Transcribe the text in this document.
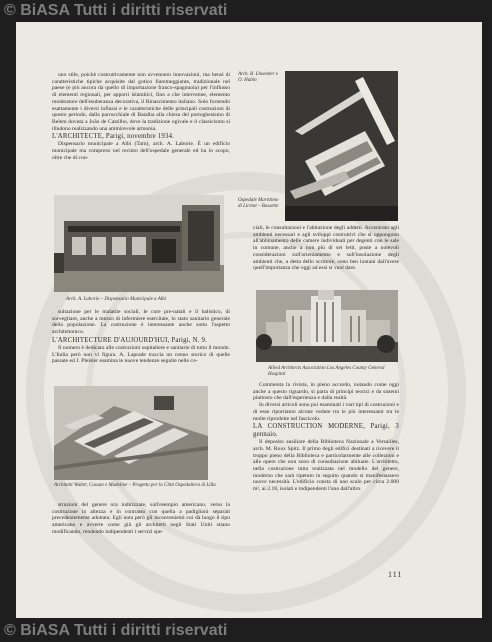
© BiASA Tutti i diritti riservati

uno stile, poichè costruttivamente non avvennero innovazioni, ma bensì di caratteristiche tipiche acquisite dal gotico fiammeggiante, tradizionale nel paese (e più ancora da quello di importazione franco-spagnuola) per l'influsso di elementi regionali, per apporti islamitici, fino a che intervenne, elemento moderatore dell'esuberanza decorativa, il Rinascimento italiano. Solo fornendo esattamente i diversi influssi e le caratteristiche delle principali costruzioni di questo periodo, dalla parrocchiale di Batalha alla chiesa del portoghesismo di Belem dovuta a João de Castilho, dove la tradizione ogivale e il classicismo si illudono realizzando una ammirevole armonia.

L'ARCHITECTE, Parigi, novembre 1934.

Dispensario municipale a Albi (Tarn), arch. A. Laborie. È un edificio municipale ma compreso nel recinto dell'ospedale generale ed ha lo scopo, oltre che di con-

Arch. A. Laborie – Dispensario Municipale a Albi

sultazione per le malattie sociali, le cure pre-natali e il balistico, di sorvegliare, anche a mezzo di infermiere esercitate, lo stato sanitario generale della popolazione. La costruzione è interessante anche sotto l'aspetto architettonico.

L'ARCHITECTURE D'AUJOURD'HUI, Parigi, N. 9.

Il numero è dedicato alle costruzioni ospitaliere e sanitarie di tutto il mondo. L'Italia però non vi figura. A. Laprade traccia un cenno storico di quelle passate ed J. Pleister esamina le nuove tendenze seguite nelle co-

Architetti Walter, Cassan e Madeline – Progetto per la Città Ospedaliera di Lilla

struzioni del genere ora indirizzate, sull'esempio americano, verso la costruzione in altezza e in contrasto con quella a padiglioni separati precedentemente adottata. Egli nota però gli inconvenienti cui dà luogo il tipo americano e avverte come già gli architetti negli Stati Uniti stiano modificando, rendendo indipendenti i servizi spe-

Arch. B. Lhoestier e O. Hubin
Ospedale Marittimo di Lirient – Bossette

ciali, le consultazioni e l'abitazione degli addetti. Accentrato agli ambienti necessari e agli sviluppi costruttivi che si oppongono all'abbinamento delle camere individuali per degenti con le sale in comune, anche a non più di sei letti, poste a notevoli considerazioni sull'orientamento e sull'insolazione degli ambienti che, a detta dello scrittore, sono ben lontani dall'avere quell'importanza che oggi ad essi si vuol dare.

Allied Architects Association Los Angeles County General Hospital

Commenta la rivista, in pieno accordo, notando come oggi anche a questo riguardo, si parta di principi teorici e da sistemi piuttosto che dall'esperienza e dalla realtà.

In diversi articoli sono poi esaminati i vari tipi di costruzioni e di esse riportiamo alcune vedute tra le più interessanti tra le molte riprodotte nel fascicolo.

LA CONSTRUCTION MODERNE, Parigi, 3 gennaio.

Il deposito ausiliare della Biblioteca Nazionale a Versailles, arch. M. Roux Spitz. Il primo degli edifici destinati a ricevere il troppo pieno della Biblioteca e particolarmente alle collezioni e alle opere che non sono di consultazione abituale. L'architetto, nella costruzione tutta realizzata nel modello del genere, moderno che sarà ripetuto in seguito quando si manifestassero nuove necessità. L'edificio consta di uno scalo per circa 2.000 m², ai 2.18, isolati e indipendenti l'uno dall'altro.

111
© BiASA Tutti i diritti riservati
